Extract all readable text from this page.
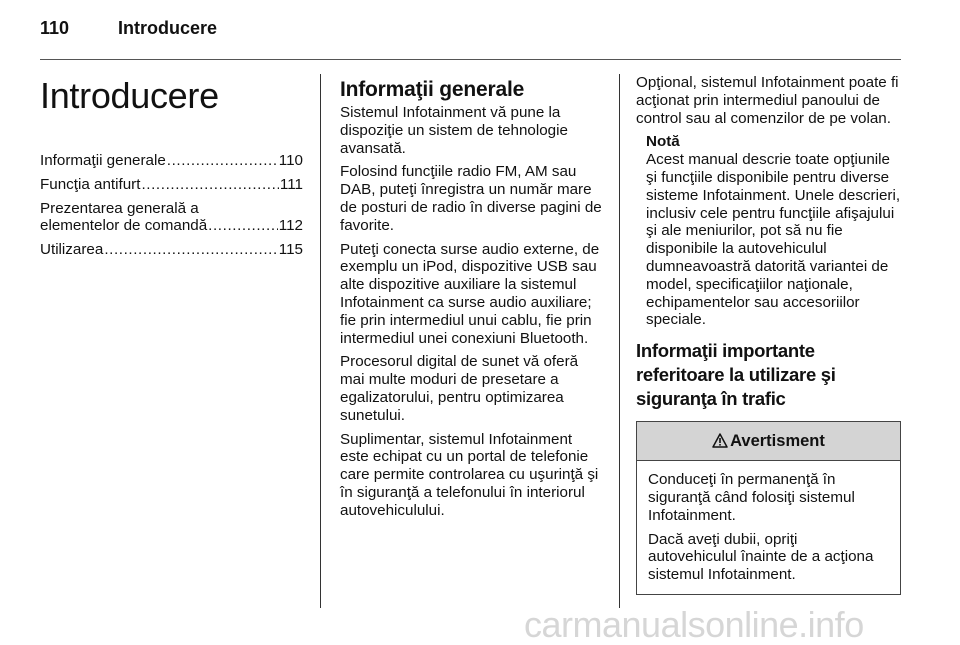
110	Introducere
Introducere
Informaţii generale .....	110
Funcţia antifurt .....	111
Prezentarea generală a
elementelor de comandă .....	112
Utilizarea .....	115
Informaţii generale

Sistemul Infotainment vă pune la dispoziţie un sistem de tehnologie avansată.

Folosind funcţiile radio FM, AM sau DAB, puteţi înregistra un număr mare de posturi de radio în diverse pagini de favorite.

Puteţi conecta surse audio externe, de exemplu un iPod, dispozitive USB sau alte dispozitive auxiliare la sistemul Infotainment ca surse audio auxiliare; fie prin intermediul unui cablu, fie prin intermediul unei conexiuni Bluetooth.

Procesorul digital de sunet vă oferă mai multe moduri de presetare a egalizatorului, pentru optimizarea sunetului.

Suplimentar, sistemul Infotainment este echipat cu un portal de telefonie care permite controlarea cu uşurinţă şi în siguranţă a telefonului în interiorul autovehiculului.

Opţional, sistemul Infotainment poate fi acţionat prin intermediul panoului de control sau al comenzilor de pe volan.

Notă
Acest manual descrie toate opţiunile şi funcţiile disponibile pentru diverse sisteme Infotainment. Unele descrieri, inclusiv cele pentru funcţiile afişajului şi ale meniurilor, pot să nu fie disponibile la autovehiculul dumneavoastră datorită variantei de model, specificaţiilor naţionale, echipamentelor sau accesoriilor speciale.
Informaţii importante referitoare la utilizare şi siguranţa în trafic
Avertisment

Conduceţi în permanenţă în siguranţă când folosiţi sistemul Infotainment.

Dacă aveţi dubii, opriţi autovehiculul înainte de a acţiona sistemul Infotainment.

carmanualsonline.info
